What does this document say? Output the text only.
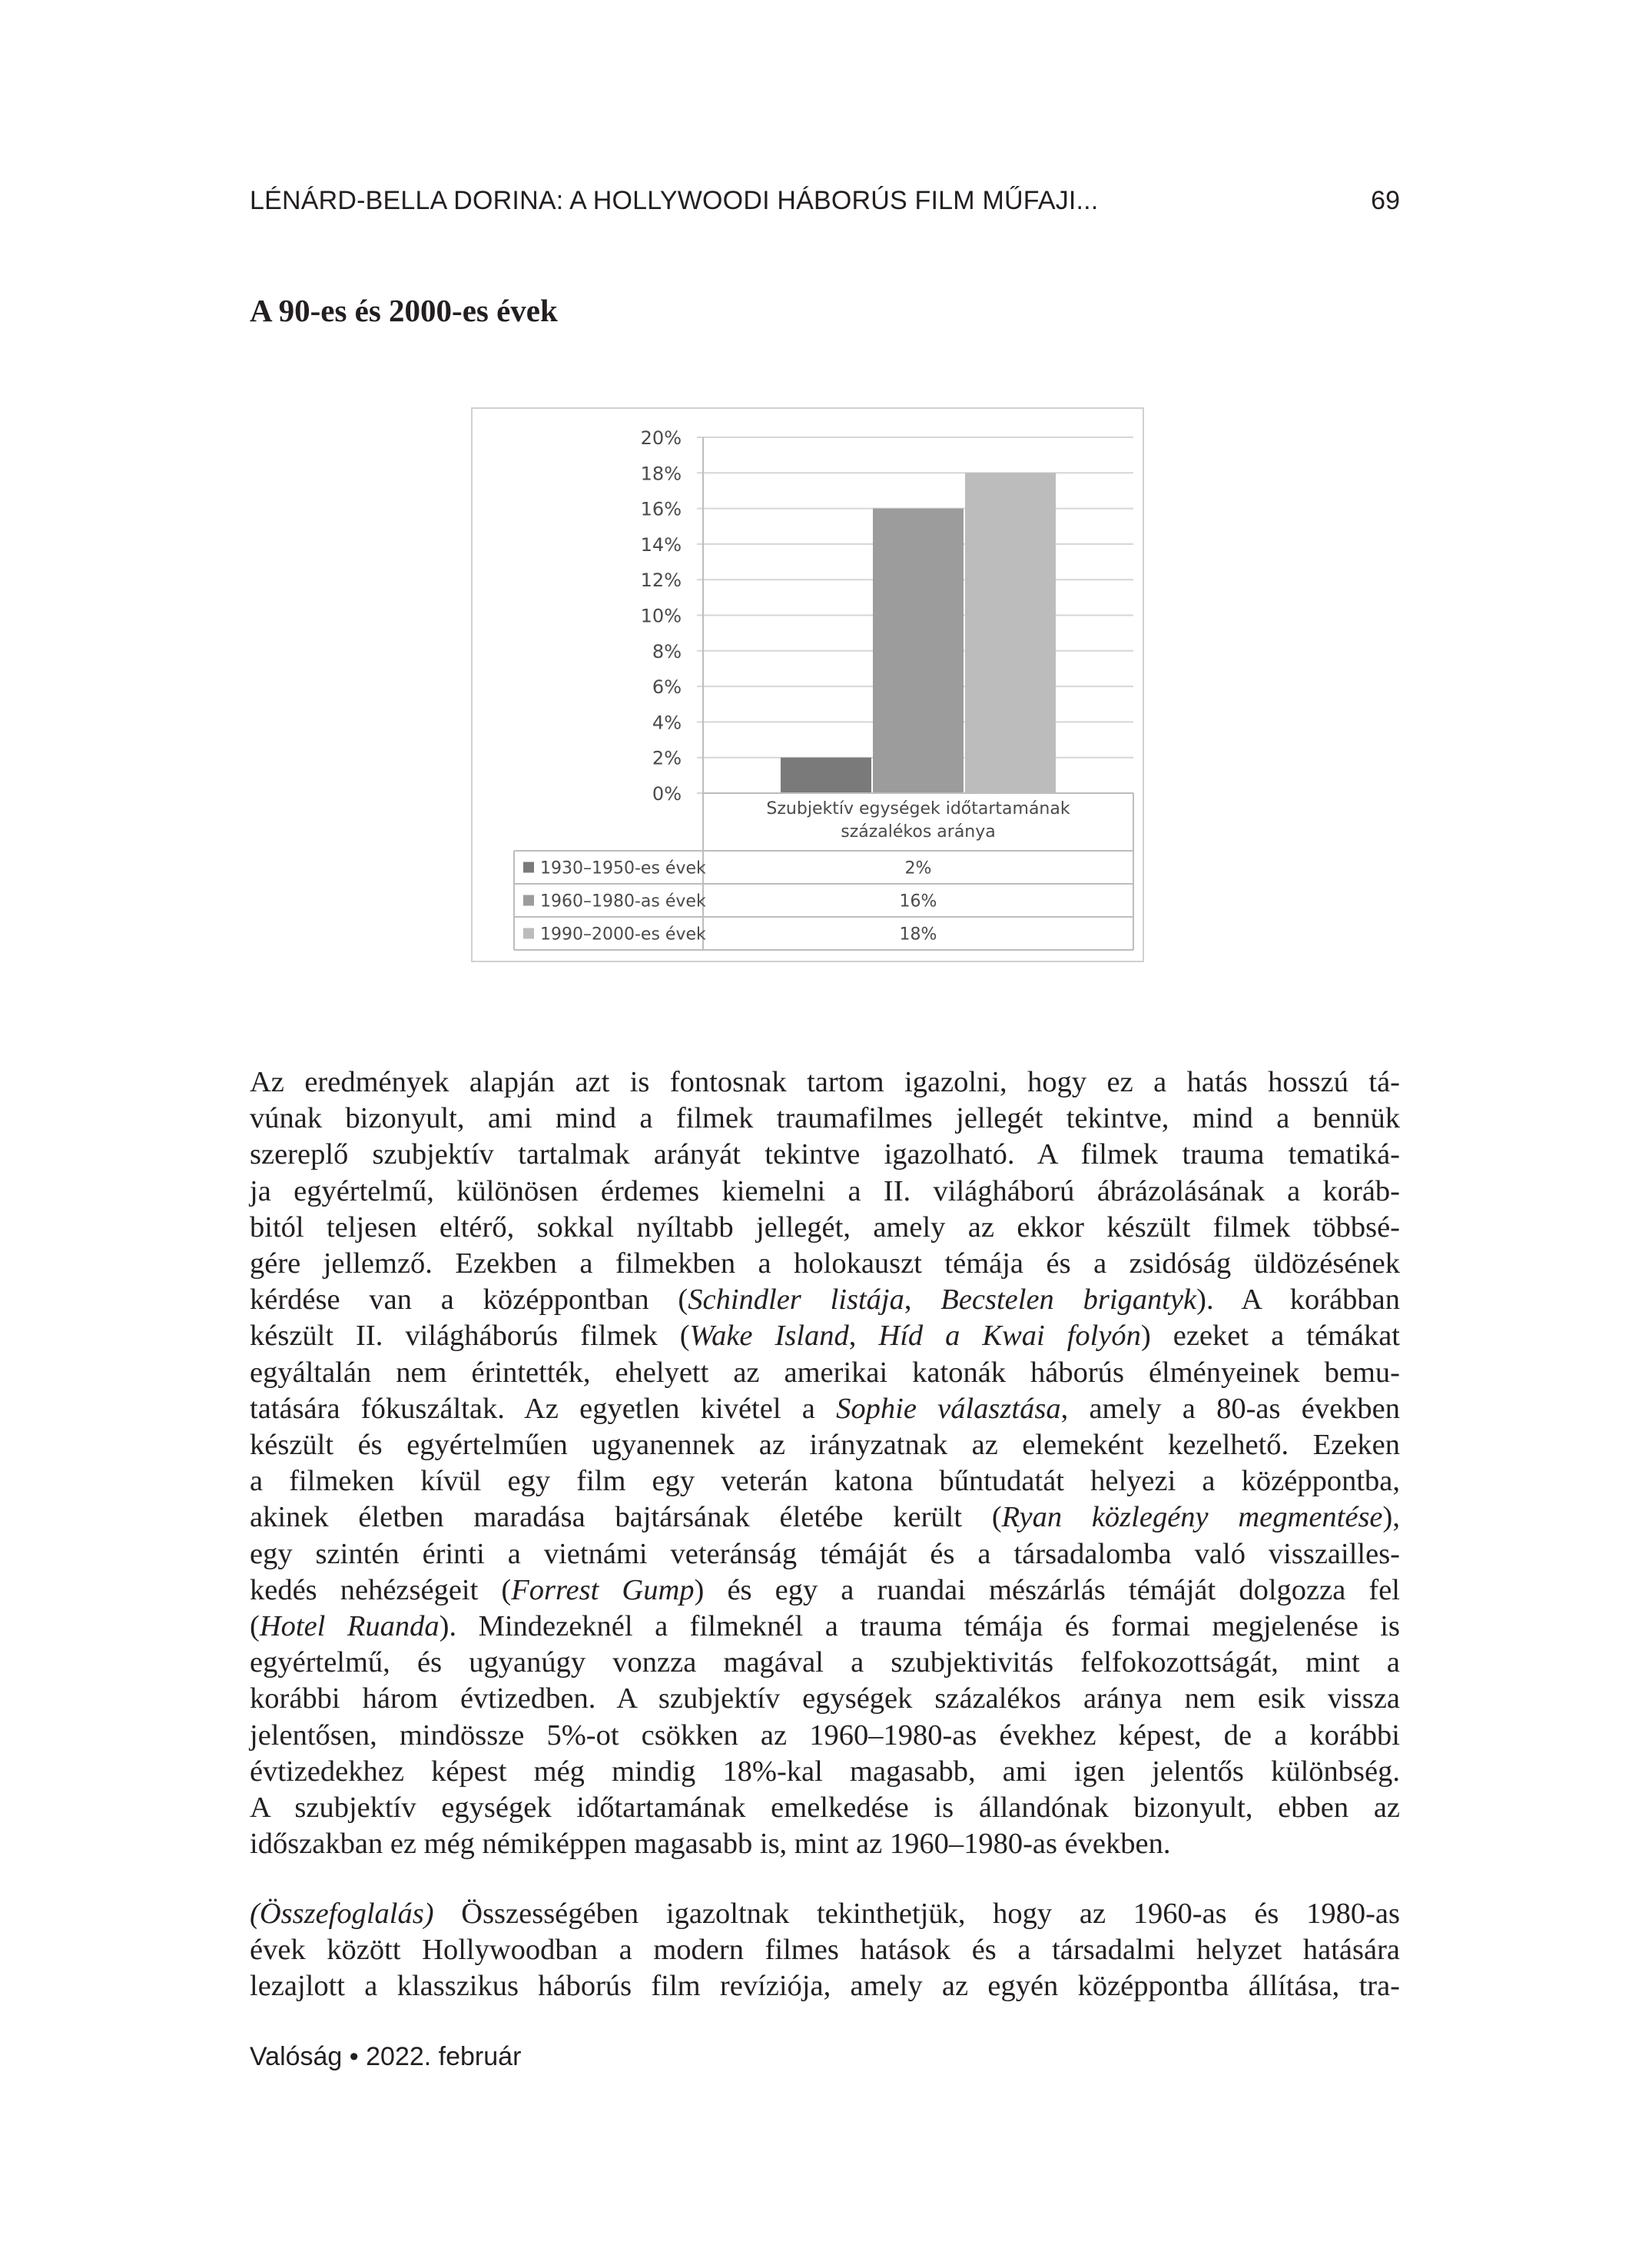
LÉNÁRD-BELLA DORINA: A HOLLYWOODI HÁBORÚS FILM MŰFAJI...	69
A 90-es és 2000-es évek
0%
2%
4%
6%
8%
10%
12%
14%
16%
18%
20%
Szubjektív egységek időtartamának
százalékos aránya
1930–1950-es évek	2%
1960–1980-as évek	16%
1990–2000-es évek	18%
Az eredmények alapján azt is fontosnak tartom igazolni, hogy ez a hatás hosszú tá-
vúnak bizonyult, ami mind a filmek traumafilmes jellegét tekintve, mind a bennük
szereplő szubjektív tartalmak arányát tekintve igazolható. A filmek trauma tematiká-
ja egyértelmű, különösen érdemes kiemelni a II. világháború ábrázolásának a koráb-
bitól teljesen eltérő, sokkal nyíltabb jellegét, amely az ekkor készült filmek többsé-
gére jellemző. Ezekben a filmekben a holokauszt témája és a zsidóság üldözésének
kérdése van a középpontban (Schindler listája, Becstelen brigantyk). A korábban
készült II. világháborús filmek (Wake Island, Híd a Kwai folyón) ezeket a témákat
egyáltalán nem érintették, ehelyett az amerikai katonák háborús élményeinek bemu-
tatására fókuszáltak. Az egyetlen kivétel a Sophie választása, amely a 80-as években
készült és egyértelműen ugyanennek az irányzatnak az elemeként kezelhető. Ezeken
a filmeken kívül egy film egy veterán katona bűntudatát helyezi a középpontba,
akinek életben maradása bajtársának életébe került (Ryan közlegény megmentése),
egy szintén érinti a vietnámi veteránság témáját és a társadalomba való visszailles-
kedés nehézségeit (Forrest Gump) és egy a ruandai mészárlás témáját dolgozza fel
(Hotel Ruanda). Mindezeknél a filmeknél a trauma témája és formai megjelenése is
egyértelmű, és ugyanúgy vonzza magával a szubjektivitás felfokozottságát, mint a
korábbi három évtizedben. A szubjektív egységek százalékos aránya nem esik vissza
jelentősen, mindössze 5%-ot csökken az 1960–1980-as évekhez képest, de a korábbi
évtizedekhez képest még mindig 18%-kal magasabb, ami igen jelentős különbség.
A szubjektív egységek időtartamának emelkedése is állandónak bizonyult, ebben az
időszakban ez még némiképpen magasabb is, mint az 1960–1980-as években.
(Összefoglalás) Összességében igazoltnak tekinthetjük, hogy az 1960-as és 1980-as
évek között Hollywoodban a modern filmes hatások és a társadalmi helyzet hatására
lezajlott a klasszikus háborús film revíziója, amely az egyén középpontba állítása, tra-
Valóság • 2022. február
